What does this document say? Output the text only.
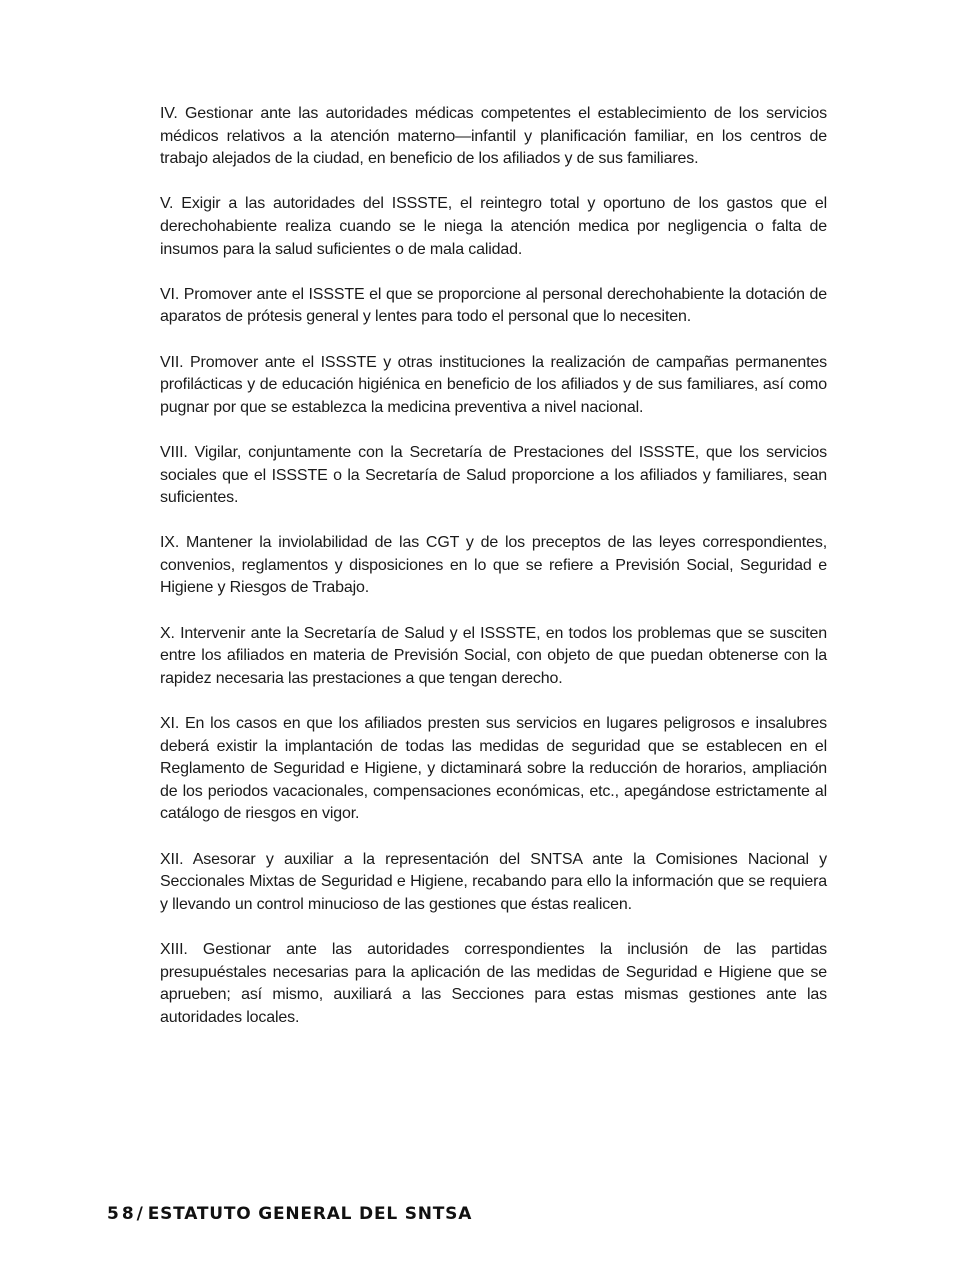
IV. Gestionar ante las autoridades médicas competentes el establecimiento de los servicios médicos relativos a la atención materno—infantil y planificación familiar, en los centros de trabajo alejados de la ciudad, en beneficio de los afiliados y de sus familiares.

V. Exigir a las autoridades del ISSSTE, el reintegro total y oportuno de los gastos que el derechohabiente realiza cuando se le niega la atención medica por negligencia o falta de insumos para la salud suficientes o de mala calidad.

VI. Promover ante el ISSSTE el que se proporcione al personal derechohabiente la dotación de aparatos de prótesis general y lentes para todo el personal que lo necesiten.

VII. Promover ante el ISSSTE y otras instituciones la realización de campañas permanentes profilácticas y de educación higiénica en beneficio de los afiliados y de sus familiares, así como pugnar por que se establezca la medicina preventiva a nivel nacional.

VIII. Vigilar, conjuntamente con la Secretaría de Prestaciones del ISSSTE, que los servicios sociales que el ISSSTE o la Secretaría de Salud proporcione a los afiliados y familiares, sean suficientes.

IX. Mantener la inviolabilidad de las CGT y de los preceptos de las leyes correspondientes, convenios, reglamentos y disposiciones en lo que se refiere a Previsión Social, Seguridad e Higiene y Riesgos de Trabajo.

X. Intervenir ante la Secretaría de Salud y el ISSSTE, en todos los problemas que se susciten entre los afiliados en materia de Previsión Social, con objeto de que puedan obtenerse con la rapidez necesaria las prestaciones a que tengan derecho.

XI. En los casos en que los afiliados presten sus servicios en lugares peligrosos e insalubres deberá existir la implantación de todas las medidas de seguridad que se establecen en el Reglamento de Seguridad e Higiene, y dictaminará sobre la reducción de horarios, ampliación de los periodos vacacionales, compensaciones económicas, etc., apegándose estrictamente al catálogo de riesgos en vigor.

XII. Asesorar y auxiliar a la representación del SNTSA ante la Comisiones Nacional y Seccionales Mixtas de Seguridad e Higiene, recabando para ello la información que se requiera y llevando un control minucioso de las gestiones que éstas realicen.

XIII. Gestionar ante las autoridades correspondientes la inclusión de las partidas presupuéstales necesarias para la aplicación de las medidas de Seguridad e Higiene que se aprueben; así mismo, auxiliará a las Secciones para estas mismas gestiones ante las autoridades locales.

58/ ESTATUTO GENERAL DEL SNTSA
